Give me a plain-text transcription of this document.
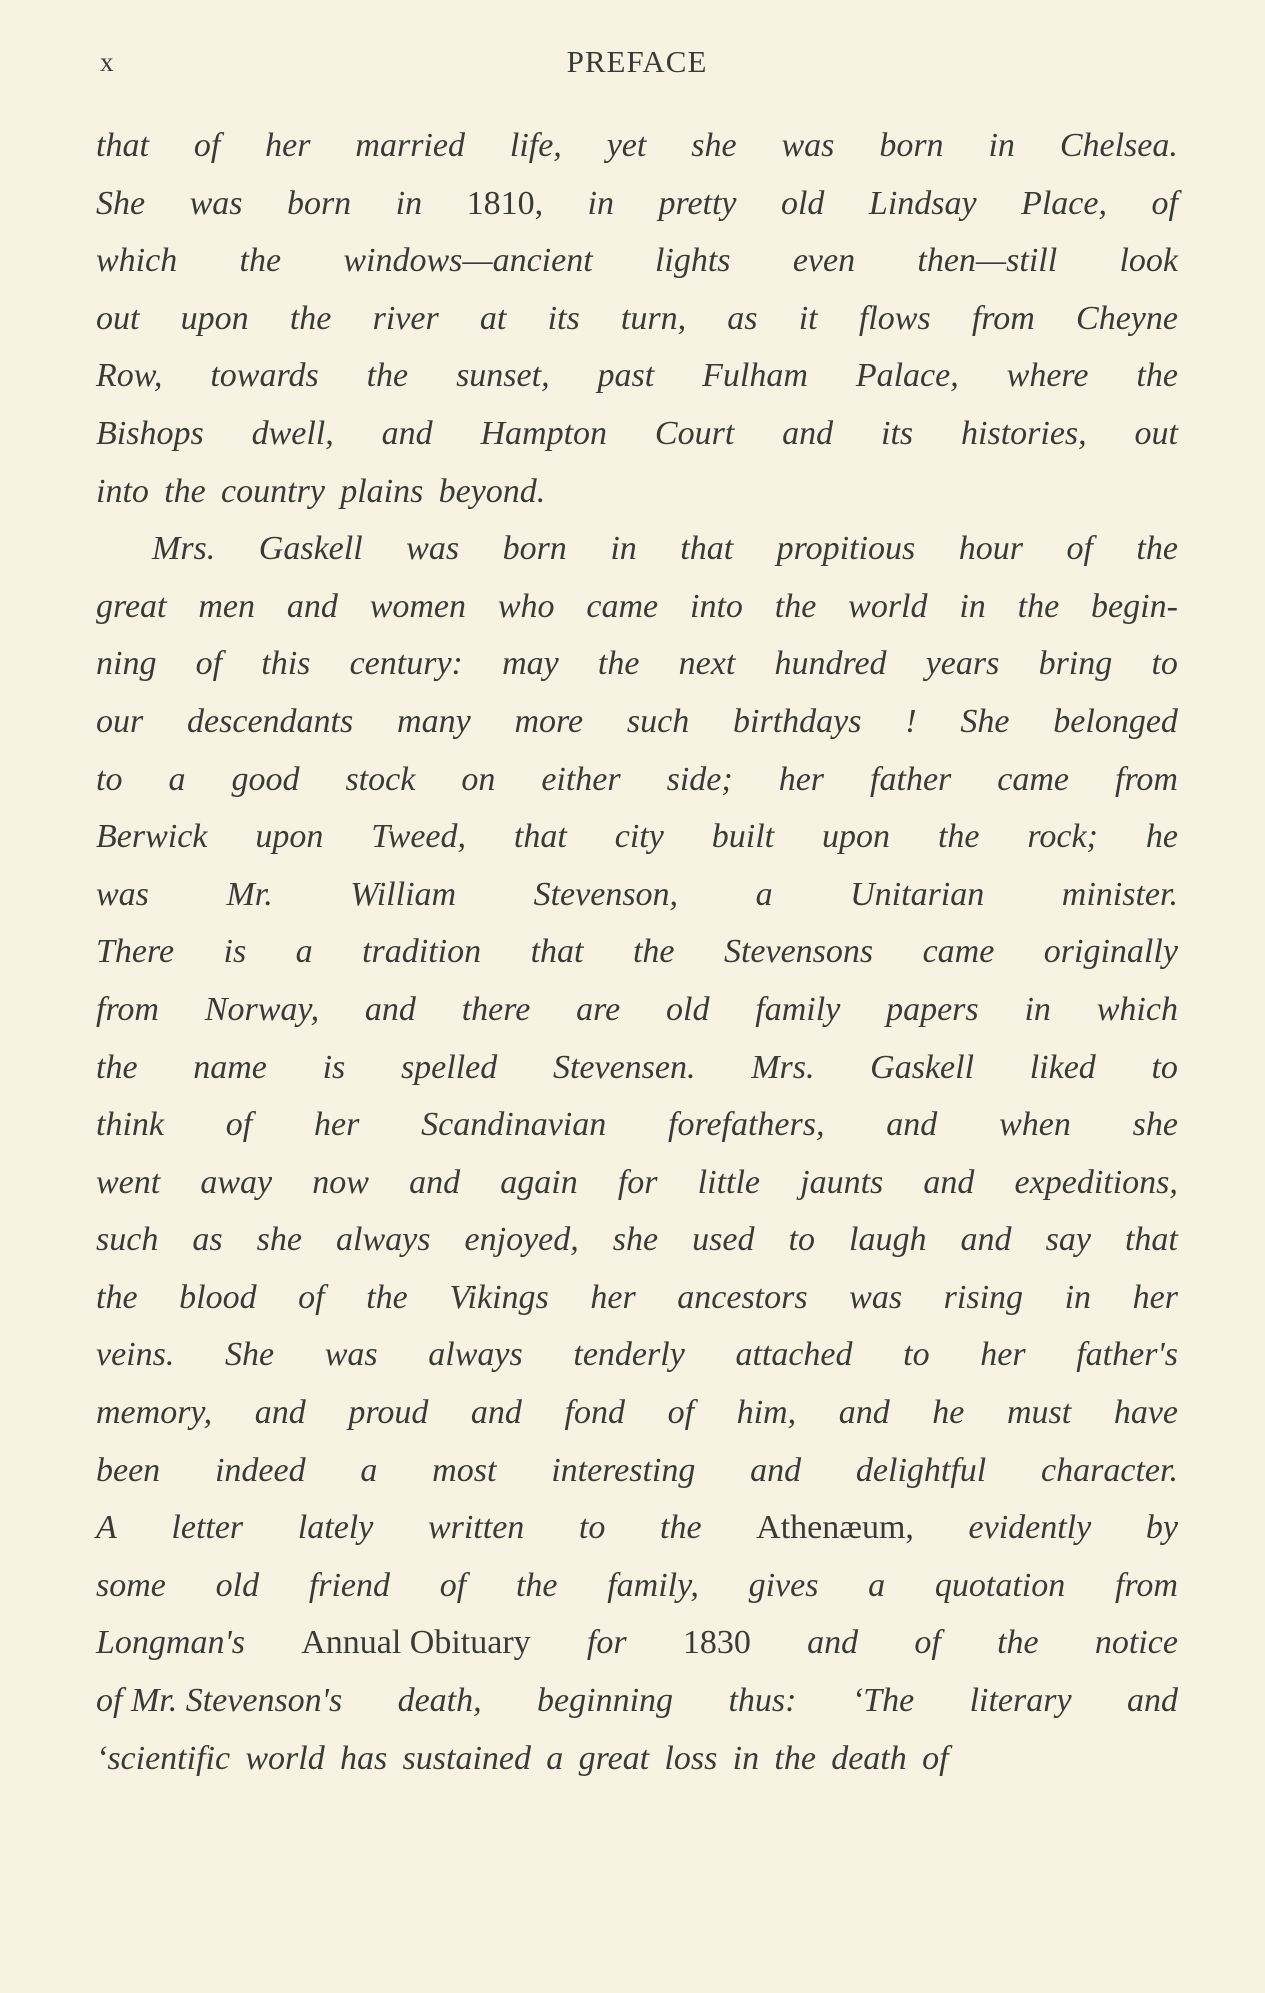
x	PREFACE
that of her married life, yet she was born in Chelsea.
She was born in 1810, in pretty old Lindsay Place, of
which the windows—ancient lights even then—still look
out upon the river at its turn, as it flows from Cheyne
Row, towards the sunset, past Fulham Palace, where the
Bishops dwell, and Hampton Court and its histories, out
into the country plains beyond.
Mrs. Gaskell was born in that propitious hour of the
great men and women who came into the world in the begin-
ning of this century: may the next hundred years bring to
our descendants many more such birthdays ! She belonged
to a good stock on either side; her father came from
Berwick upon Tweed, that city built upon the rock; he
was Mr. William Stevenson, a Unitarian minister.
There is a tradition that the Stevensons came originally
from Norway, and there are old family papers in which
the name is spelled Stevensen. Mrs. Gaskell liked to
think of her Scandinavian forefathers, and when she
went away now and again for little jaunts and expeditions,
such as she always enjoyed, she used to laugh and say that
the blood of the Vikings her ancestors was rising in her
veins. She was always tenderly attached to her father's
memory, and proud and fond of him, and he must have
been indeed a most interesting and delightful character.
A letter lately written to the Athenæum, evidently by
some old friend of the family, gives a quotation from
Longman's Annual Obituary for 1830 and of the notice
of Mr. Stevenson's death, beginning thus: ‘The literary and
‘scientific world has sustained a great loss in the death of
